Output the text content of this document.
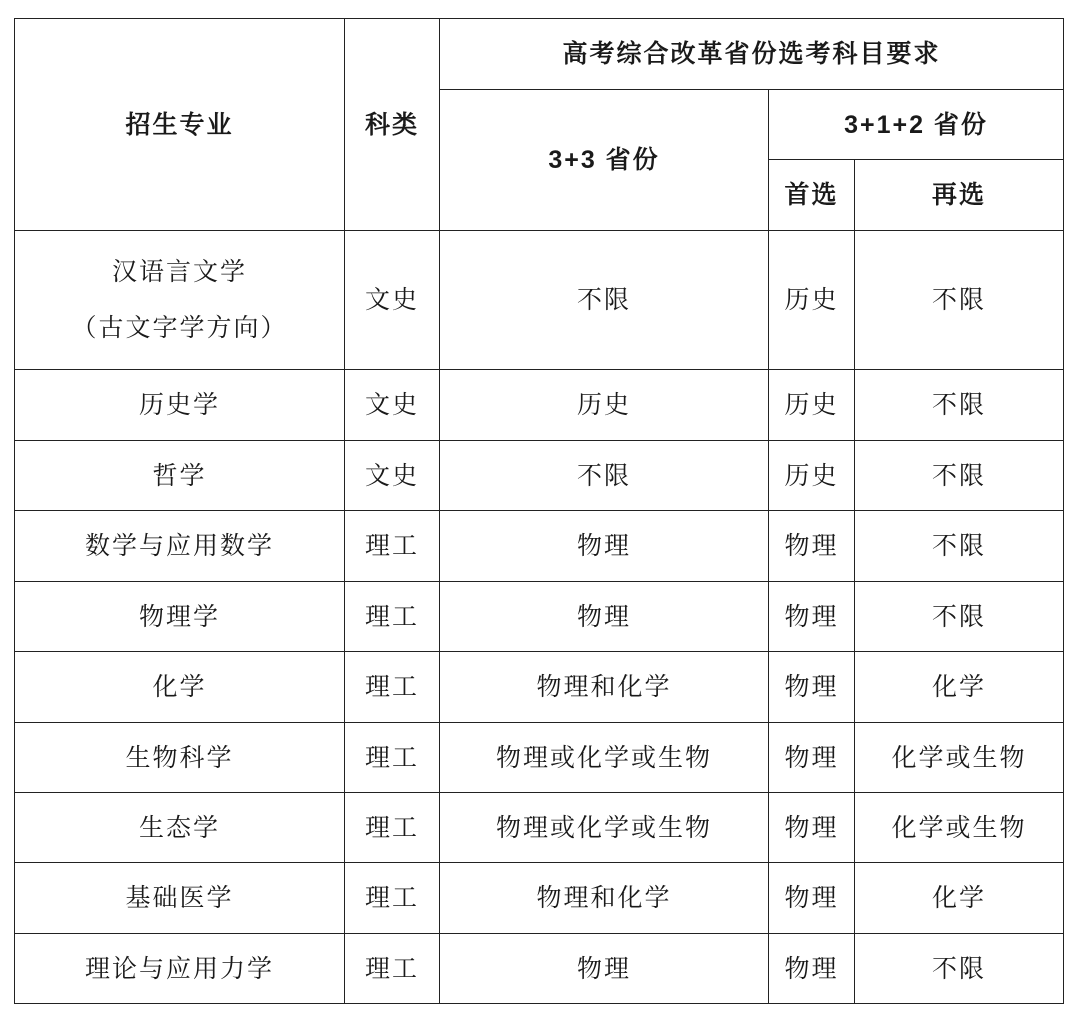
招生专业	科类	高考综合改革省份选考科目要求		
		3+3 省份	3+1+2 省份	
			首选	再选
汉语言文学
（古文字学方向）	文史	不限	历史	不限
历史学	文史	历史	历史	不限
哲学	文史	不限	历史	不限
数学与应用数学	理工	物理	物理	不限
物理学	理工	物理	物理	不限
化学	理工	物理和化学	物理	化学
生物科学	理工	物理或化学或生物	物理	化学或生物
生态学	理工	物理或化学或生物	物理	化学或生物
基础医学	理工	物理和化学	物理	化学
理论与应用力学	理工	物理	物理	不限
